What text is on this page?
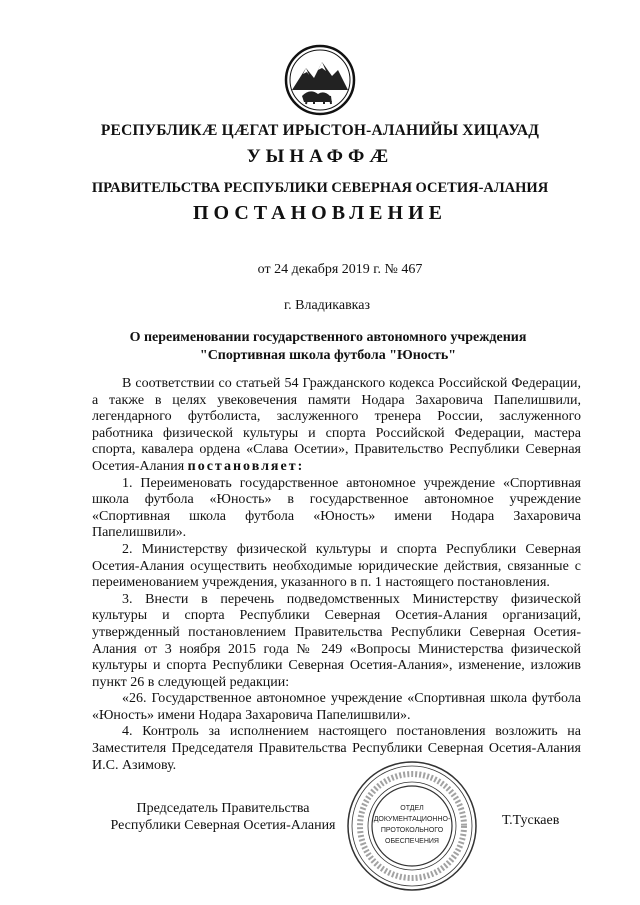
РЕСПУБЛИКӔ ЦӔГАТ ИРЫСТОН-АЛАНИЙЫ ХИЦАУАД
УЫНАФФӔ
ПРАВИТЕЛЬСТВА РЕСПУБЛИКИ СЕВЕРНАЯ ОСЕТИЯ-АЛАНИЯ
ПОСТАНОВЛЕНИЕ
от 24 декабря 2019 г. № 467
г. Владикавказ
О переименовании государственного автономного учреждения
"Спортивная школа футбола "Юность"

В соответствии со статьей 54 Гражданского кодекса Российской Федерации, а также в целях увековечения памяти Нодара Захаровича Папелишвили, легендарного футболиста, заслуженного тренера России, заслуженного работника физической культуры и спорта Российской Федерации, мастера спорта, кавалера ордена «Слава Осетии», Правительство Республики Северная Осетия-Алания постановляет:

1. Переименовать государственное автономное учреждение «Спортивная школа футбола «Юность» в государственное автономное учреждение «Спортивная школа футбола «Юность» имени Нодара Захаровича Папелишвили».

2. Министерству физической культуры и спорта Республики Северная Осетия-Алания осуществить необходимые юридические действия, связанные с переименованием учреждения, указанного в п. 1 настоящего постановления.

3. Внести в перечень подведомственных Министерству физической культуры и спорта Республики Северная Осетия-Алания организаций, утвержденный постановлением Правительства Республики Северная Осетия-Алания от 3 ноября 2015 года № 249 «Вопросы Министерства физической культуры и спорта Республики Северная Осетия-Алания», изменение, изложив пункт 26 в следующей редакции:

«26. Государственное автономное учреждение «Спортивная школа футбола «Юность» имени Нодара Захаровича Папелишвили».

4. Контроль за исполнением настоящего постановления возложить на Заместителя Председателя Правительства Республики Северная Осетия-Алания И.С. Азимову.

Председатель Правительства
Республики Северная Осетия-Алания	Т.Тускаев
ОТДЕЛ
ДОКУМЕНТАЦИОННО-
ПРОТОКОЛЬНОГО
ОБЕСПЕЧЕНИЯ
